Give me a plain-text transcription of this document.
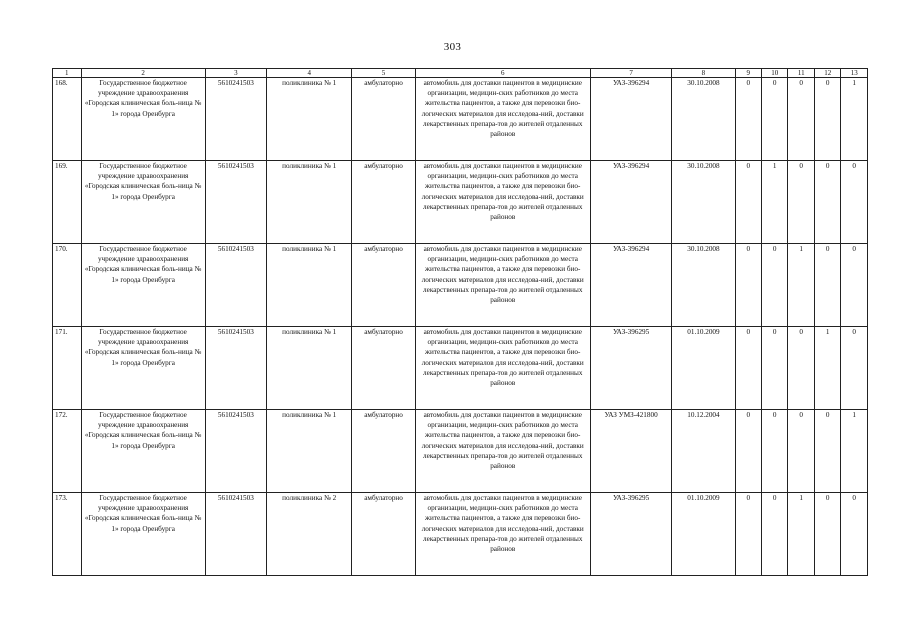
303
1	2	3	4	5	6	7	8	9	10	11	12	13
168.	Государственное бюджетное учреждение здравоохранения «Городская клиническая боль-ница № 1» города Оренбурга	5610241503	поликлиника № 1	амбулаторно	автомобиль для доставки пациентов в медицинские организации, медицин-ских работников до места жительства пациентов, а также для перевозки био-логических материалов для исследова-ний, доставки лекарственных препара-тов до жителей отдаленных районов	УАЗ-396294	30.10.2008	0	0	0	0	1
169.	Государственное бюджетное учреждение здравоохранения «Городская клиническая боль-ница № 1» города Оренбурга	5610241503	поликлиника № 1	амбулаторно	автомобиль для доставки пациентов в медицинские организации, медицин-ских работников до места жительства пациентов, а также для перевозки био-логических материалов для исследова-ний, доставки лекарственных препара-тов до жителей отдаленных районов	УАЗ-396294	30.10.2008	0	1	0	0	0
170.	Государственное бюджетное учреждение здравоохранения «Городская клиническая боль-ница № 1» города Оренбурга	5610241503	поликлиника № 1	амбулаторно	автомобиль для доставки пациентов в медицинские организации, медицин-ских работников до места жительства пациентов, а также для перевозки био-логических материалов для исследова-ний, доставки лекарственных препара-тов до жителей отдаленных районов	УАЗ-396294	30.10.2008	0	0	1	0	0
171.	Государственное бюджетное учреждение здравоохранения «Городская клиническая боль-ница № 1» города Оренбурга	5610241503	поликлиника № 1	амбулаторно	автомобиль для доставки пациентов в медицинские организации, медицин-ских работников до места жительства пациентов, а также для перевозки био-логических материалов для исследова-ний, доставки лекарственных препара-тов до жителей отдаленных районов	УАЗ-396295	01.10.2009	0	0	0	1	0
172.	Государственное бюджетное учреждение здравоохранения «Городская клиническая боль-ница № 1» города Оренбурга	5610241503	поликлиника № 1	амбулаторно	автомобиль для доставки пациентов в медицинские организации, медицин-ских работников до места жительства пациентов, а также для перевозки био-логических материалов для исследова-ний, доставки лекарственных препара-тов до жителей отдаленных районов	УАЗ УМЗ-421800	10.12.2004	0	0	0	0	1
173.	Государственное бюджетное учреждение здравоохранения «Городская клиническая боль-ница № 1» города Оренбурга	5610241503	поликлиника № 2	амбулаторно	автомобиль для доставки пациентов в медицинские организации, медицин-ских работников до места жительства пациентов, а также для перевозки био-логических материалов для исследова-ний, доставки лекарственных препара-тов до жителей отдаленных районов	УАЗ-396295	01.10.2009	0	0	1	0	0
